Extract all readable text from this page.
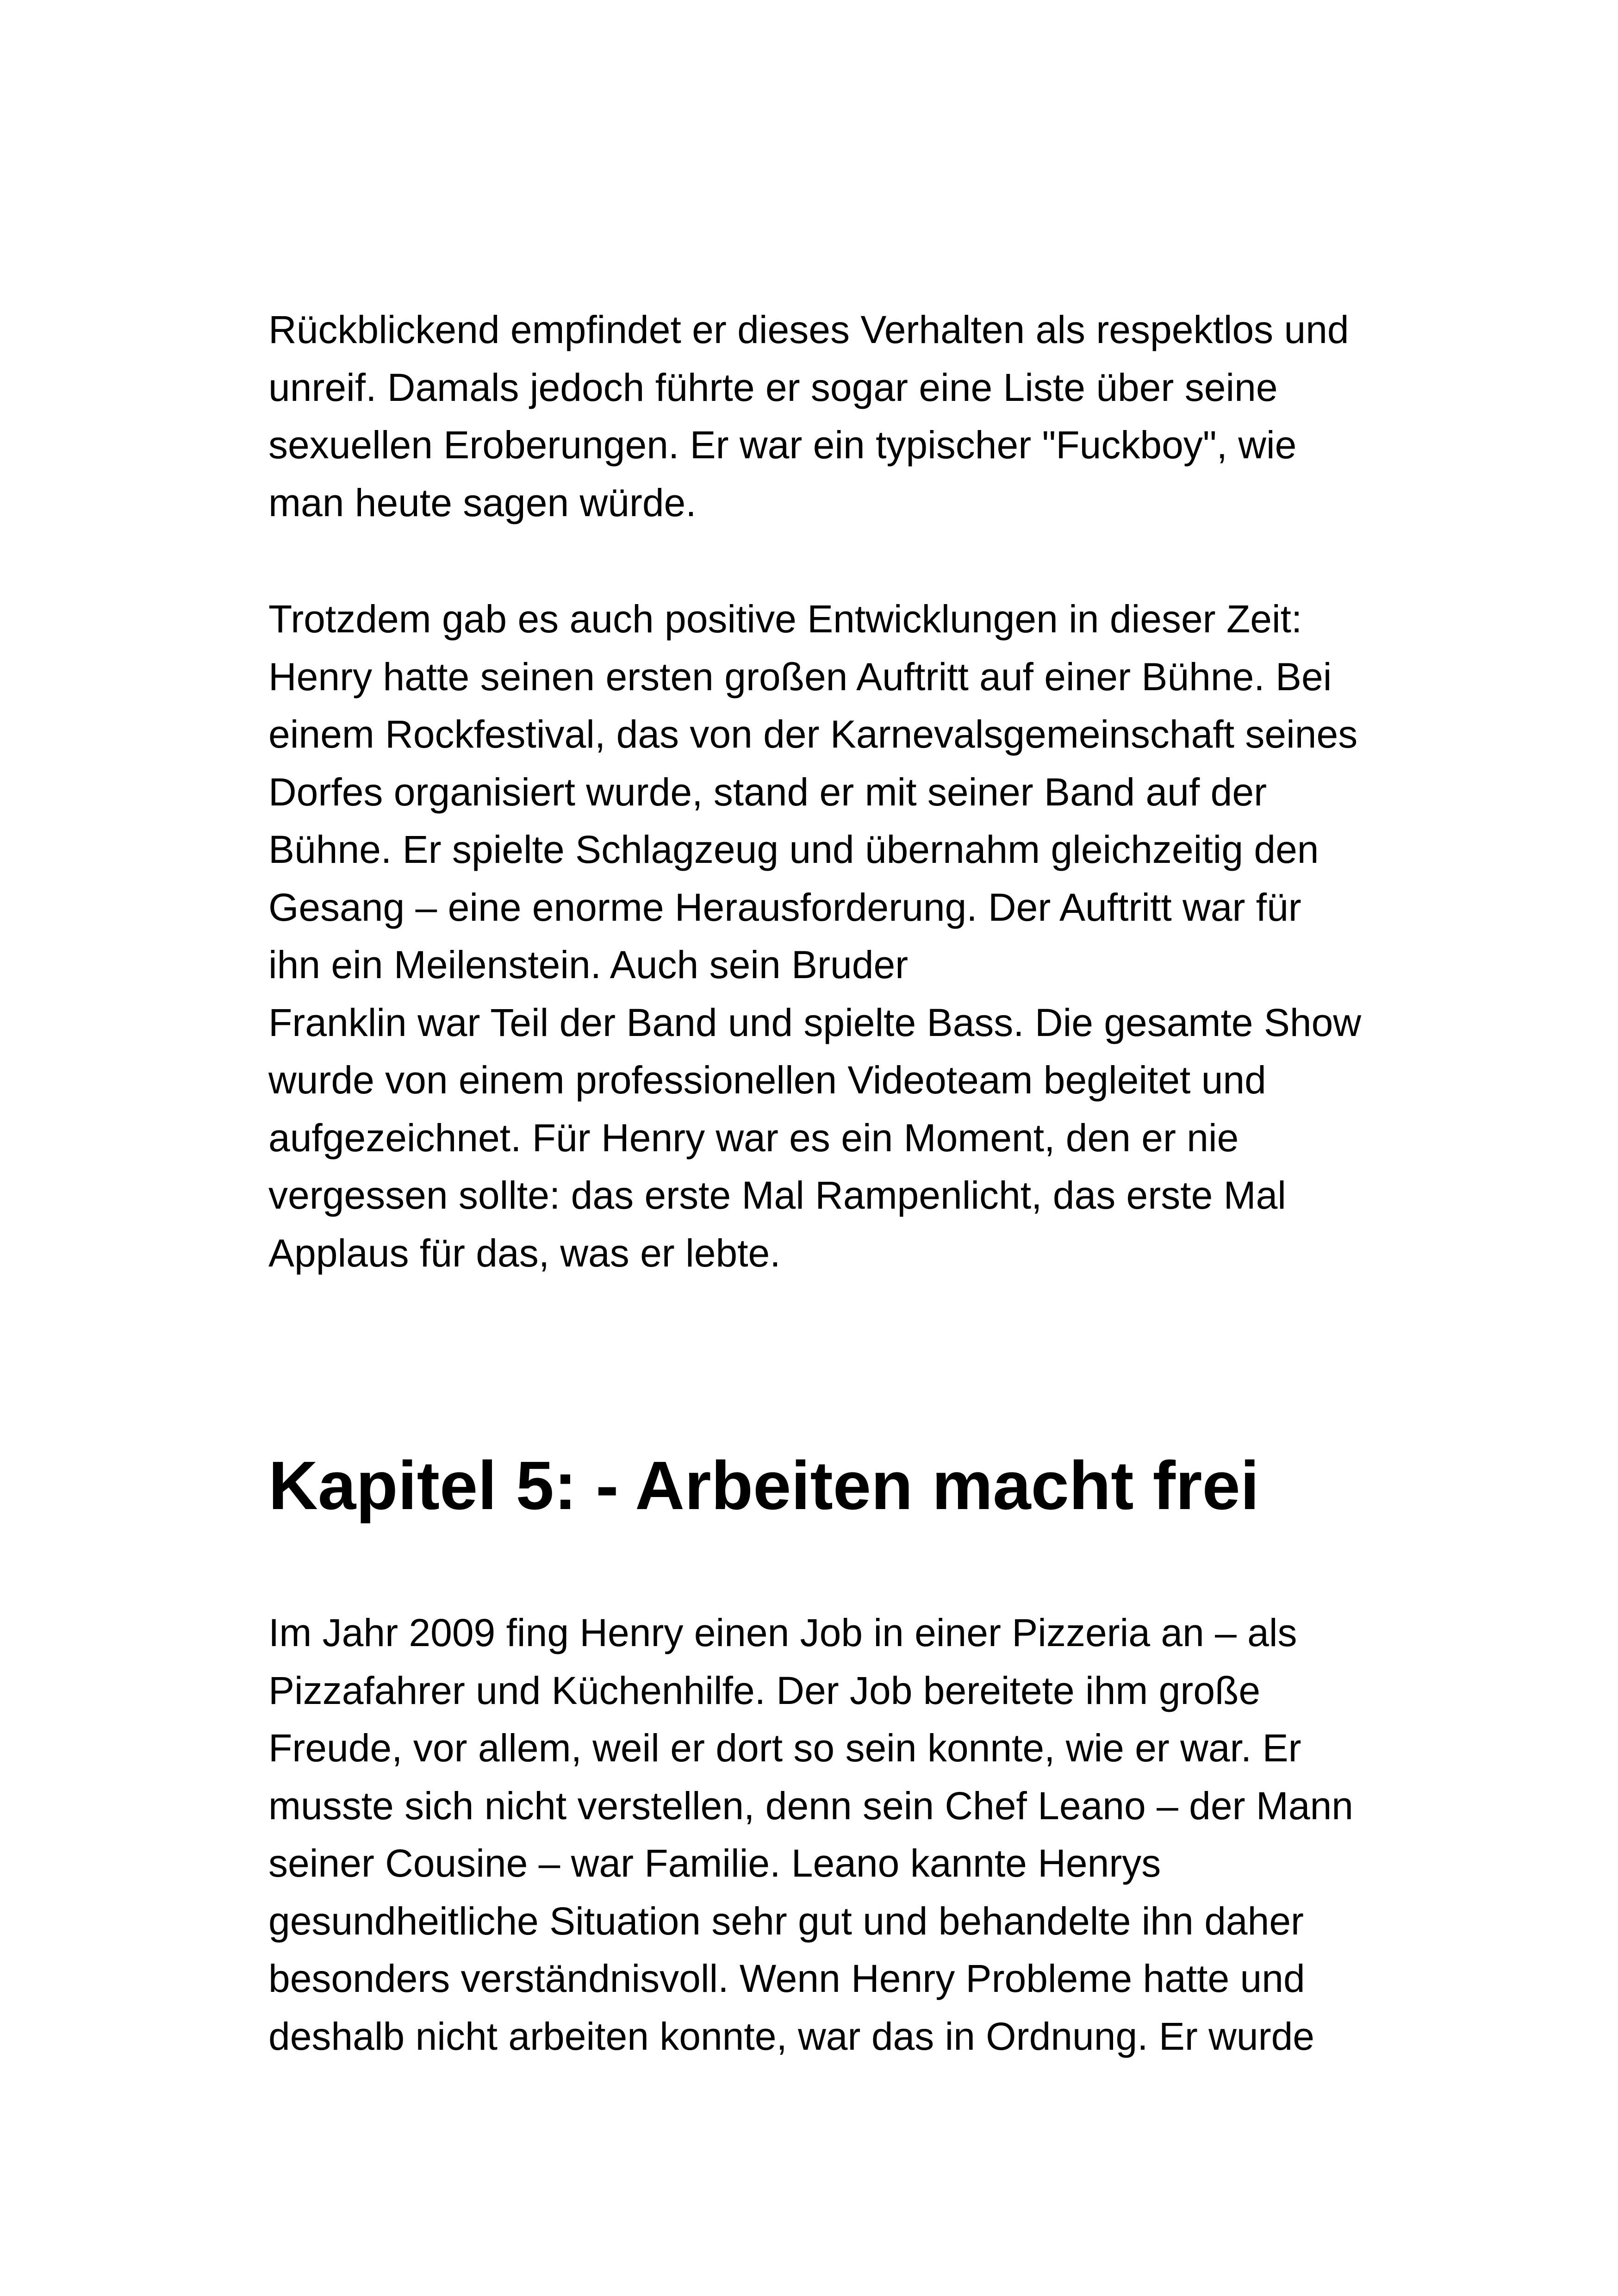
Rückblickend empfindet er dieses Verhalten als respektlos und
unreif. Damals jedoch führte er sogar eine Liste über seine
sexuellen Eroberungen. Er war ein typischer "Fuckboy", wie
man heute sagen würde.
Trotzdem gab es auch positive Entwicklungen in dieser Zeit:
Henry hatte seinen ersten großen Auftritt auf einer Bühne. Bei
einem Rockfestival, das von der Karnevalsgemeinschaft seines
Dorfes organisiert wurde, stand er mit seiner Band auf der
Bühne. Er spielte Schlagzeug und übernahm gleichzeitig den
Gesang – eine enorme Herausforderung. Der Auftritt war für
ihn ein Meilenstein. Auch sein Bruder
Franklin war Teil der Band und spielte Bass. Die gesamte Show
wurde von einem professionellen Videoteam begleitet und
aufgezeichnet. Für Henry war es ein Moment, den er nie
vergessen sollte: das erste Mal Rampenlicht, das erste Mal
Applaus für das, was er lebte.
Kapitel 5: - Arbeiten macht frei
Im Jahr 2009 fing Henry einen Job in einer Pizzeria an – als
Pizzafahrer und Küchenhilfe. Der Job bereitete ihm große
Freude, vor allem, weil er dort so sein konnte, wie er war. Er
musste sich nicht verstellen, denn sein Chef Leano – der Mann
seiner Cousine – war Familie. Leano kannte Henrys
gesundheitliche Situation sehr gut und behandelte ihn daher
besonders verständnisvoll. Wenn Henry Probleme hatte und
deshalb nicht arbeiten konnte, war das in Ordnung. Er wurde
